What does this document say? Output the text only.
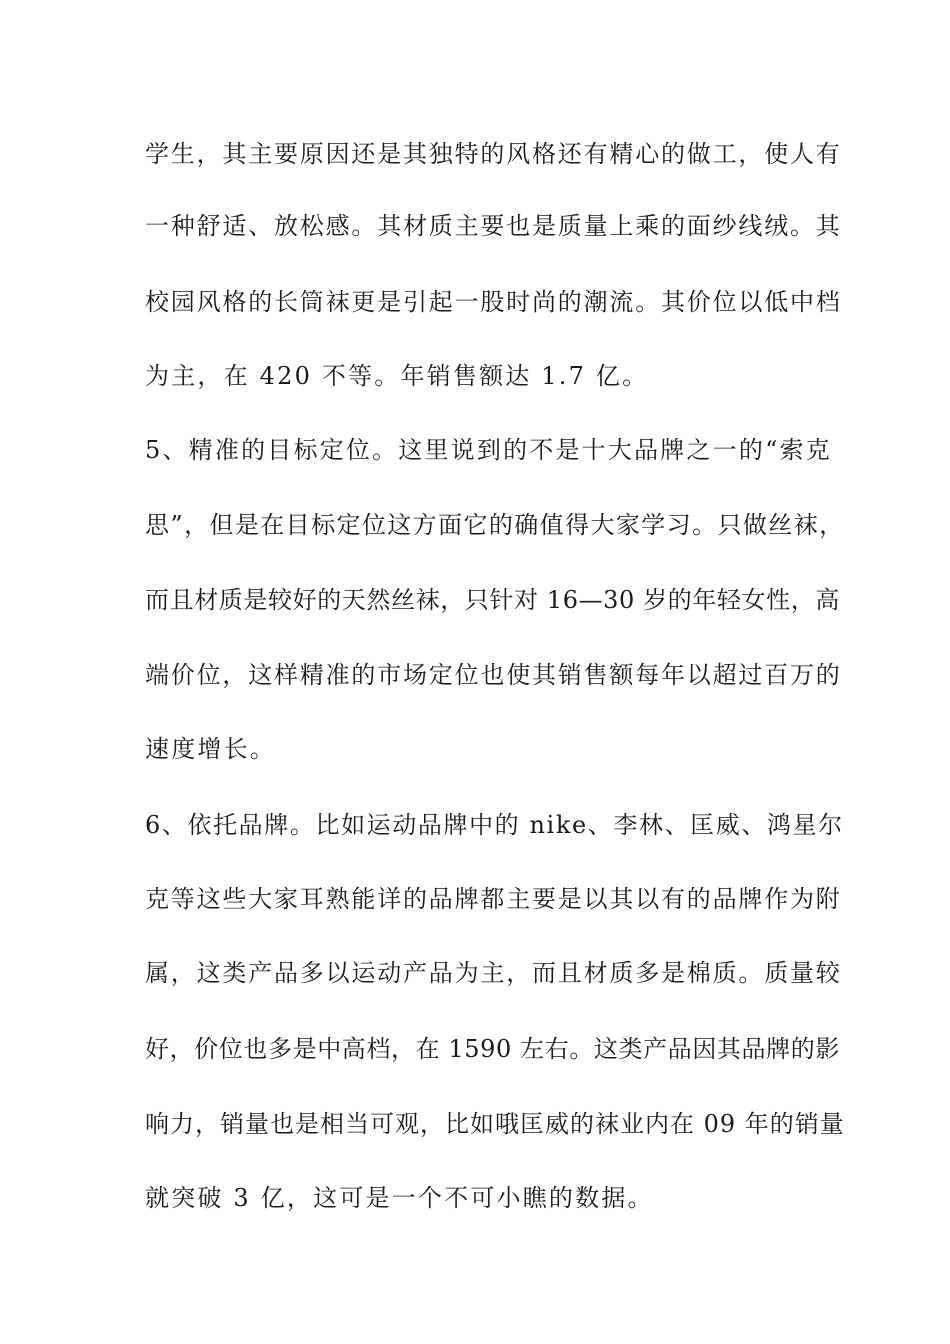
学生，其主要原因还是其独特的风格还有精心的做工，使人有
一种舒适、放松感。其材质主要也是质量上乘的面纱线绒。其
校园风格的长筒袜更是引起一股时尚的潮流。其价位以低中档
为主，在 420 不等。年销售额达 1.7 亿。
5、精准的目标定位。这里说到的不是十大品牌之一的“索克
思”，但是在目标定位这方面它的确值得大家学习。只做丝袜，
而且材质是较好的天然丝袜，只针对 16—30 岁的年轻女性，高
端价位，这样精准的市场定位也使其销售额每年以超过百万的
速度增长。
6、依托品牌。比如运动品牌中的 nike、李林、匡威、鸿星尔
克等这些大家耳熟能详的品牌都主要是以其以有的品牌作为附
属，这类产品多以运动产品为主，而且材质多是棉质。质量较
好，价位也多是中高档，在 1590 左右。这类产品因其品牌的影
响力，销量也是相当可观，比如哦匡威的袜业内在 09 年的销量
就突破 3 亿，这可是一个不可小瞧的数据。
